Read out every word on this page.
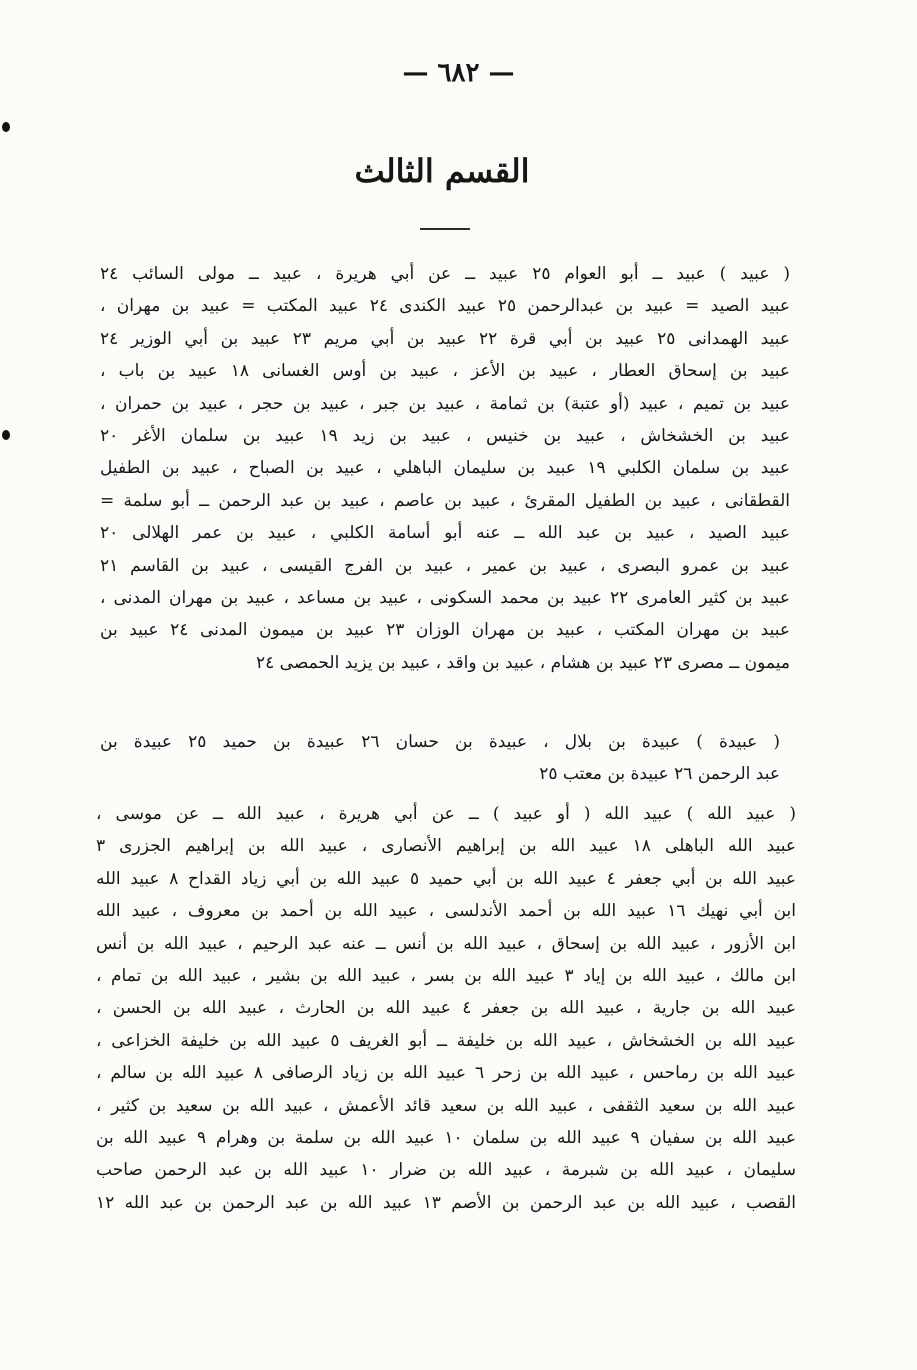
— ٦٨٢ —
القسم الثالث
( عبيد ) عبيد ــ أبو العوام ٢٥ عبيد ــ عن أبي هريرة ، عبيد ــ مولى السائب ٢٤
عبيد الصيد = عبيد بن عبدالرحمن ٢٥ عبيد الكندى ٢٤ عبيد المكتب = عبيد بن مهران ،
عبيد الهمدانى ٢٥ عبيد بن أبي قرة ٢٢ عبيد بن أبي مريم ٢٣ عبيد بن أبي الوزير ٢٤
عبيد بن إسحاق العطار ، عبيد بن الأعز ، عبيد بن أوس الغسانى ١٨ عبيد بن باب ،
عبيد بن تميم ، عبيد (أو عتبة) بن ثمامة ، عبيد بن جبر ، عبيد بن حجر ، عبيد بن حمران ،
عبيد بن الخشخاش ، عبيد بن خنيس ، عبيد بن زيد ١٩ عبيد بن سلمان الأغر ٢٠
عبيد بن سلمان الكلبي ١٩ عبيد بن سليمان الباهلي ، عبيد بن الصباح ، عبيد بن الطفيل
القطقانى ، عبيد بن الطفيل المقرئ ، عبيد بن عاصم ، عبيد بن عبد الرحمن ــ أبو سلمة =
عبيد الصيد ، عبيد بن عبد الله ــ عنه أبو أسامة الكلبي ، عبيد بن عمر الهلالى ٢٠
عبيد بن عمرو البصرى ، عبيد بن عمير ، عبيد بن الفرج القيسى ، عبيد بن القاسم ٢١
عبيد بن كثير العامرى ٢٢ عبيد بن محمد السكونى ، عبيد بن مساعد ، عبيد بن مهران المدنى ،
عبيد بن مهران المكتب ، عبيد بن مهران الوزان ٢٣ عبيد بن ميمون المدنى ٢٤ عبيد بن
ميمون ــ مصرى ٢٣ عبيد بن هشام ، عبيد بن واقد ، عبيد بن يزيد الحمصى ٢٤
( عبيدة ) عبيدة بن بلال ، عبيدة بن حسان ٢٦ عبيدة بن حميد ٢٥ عبيدة بن
عبد الرحمن ٢٦ عبيدة بن معتب ٢٥
( عبيد الله ) عبيد الله ( أو عبيد ) ــ عن أبي هريرة ، عبيد الله ــ عن موسى ،
عبيد الله الباهلى ١٨ عبيد الله بن إبراهيم الأنصارى ، عبيد الله بن إبراهيم الجزرى ٣
عبيد الله بن أبي جعفر ٤ عبيد الله بن أبي حميد ٥ عبيد الله بن أبي زياد القداح ٨ عبيد الله
ابن أبي نهيك ١٦ عبيد الله بن أحمد الأندلسى ، عبيد الله بن أحمد بن معروف ، عبيد الله
ابن الأزور ، عبيد الله بن إسحاق ، عبيد الله بن أنس ــ عنه عبد الرحيم ، عبيد الله بن أنس
ابن مالك ، عبيد الله بن إياد ٣ عبيد الله بن بسر ، عبيد الله بن بشير ، عبيد الله بن تمام ،
عبيد الله بن جارية ، عبيد الله بن جعفر ٤ عبيد الله بن الحارث ، عبيد الله بن الحسن ،
عبيد الله بن الخشخاش ، عبيد الله بن خليفة ــ أبو الغريف ٥ عبيد الله بن خليفة الخزاعى ،
عبيد الله بن رماحس ، عبيد الله بن زحر ٦ عبيد الله بن زياد الرصافى ٨ عبيد الله بن سالم ،
عبيد الله بن سعيد الثقفى ، عبيد الله بن سعيد قائد الأعمش ، عبيد الله بن سعيد بن كثير ،
عبيد الله بن سفيان ٩ عبيد الله بن سلمان ١٠ عبيد الله بن سلمة بن وهرام ٩ عبيد الله بن
سليمان ، عبيد الله بن شبرمة ، عبيد الله بن ضرار ١٠ عبيد الله بن عبد الرحمن صاحب
القصب ، عبيد الله بن عبد الرحمن بن الأصم ١٣ عبيد الله بن عبد الرحمن بن عبد الله ١٢
